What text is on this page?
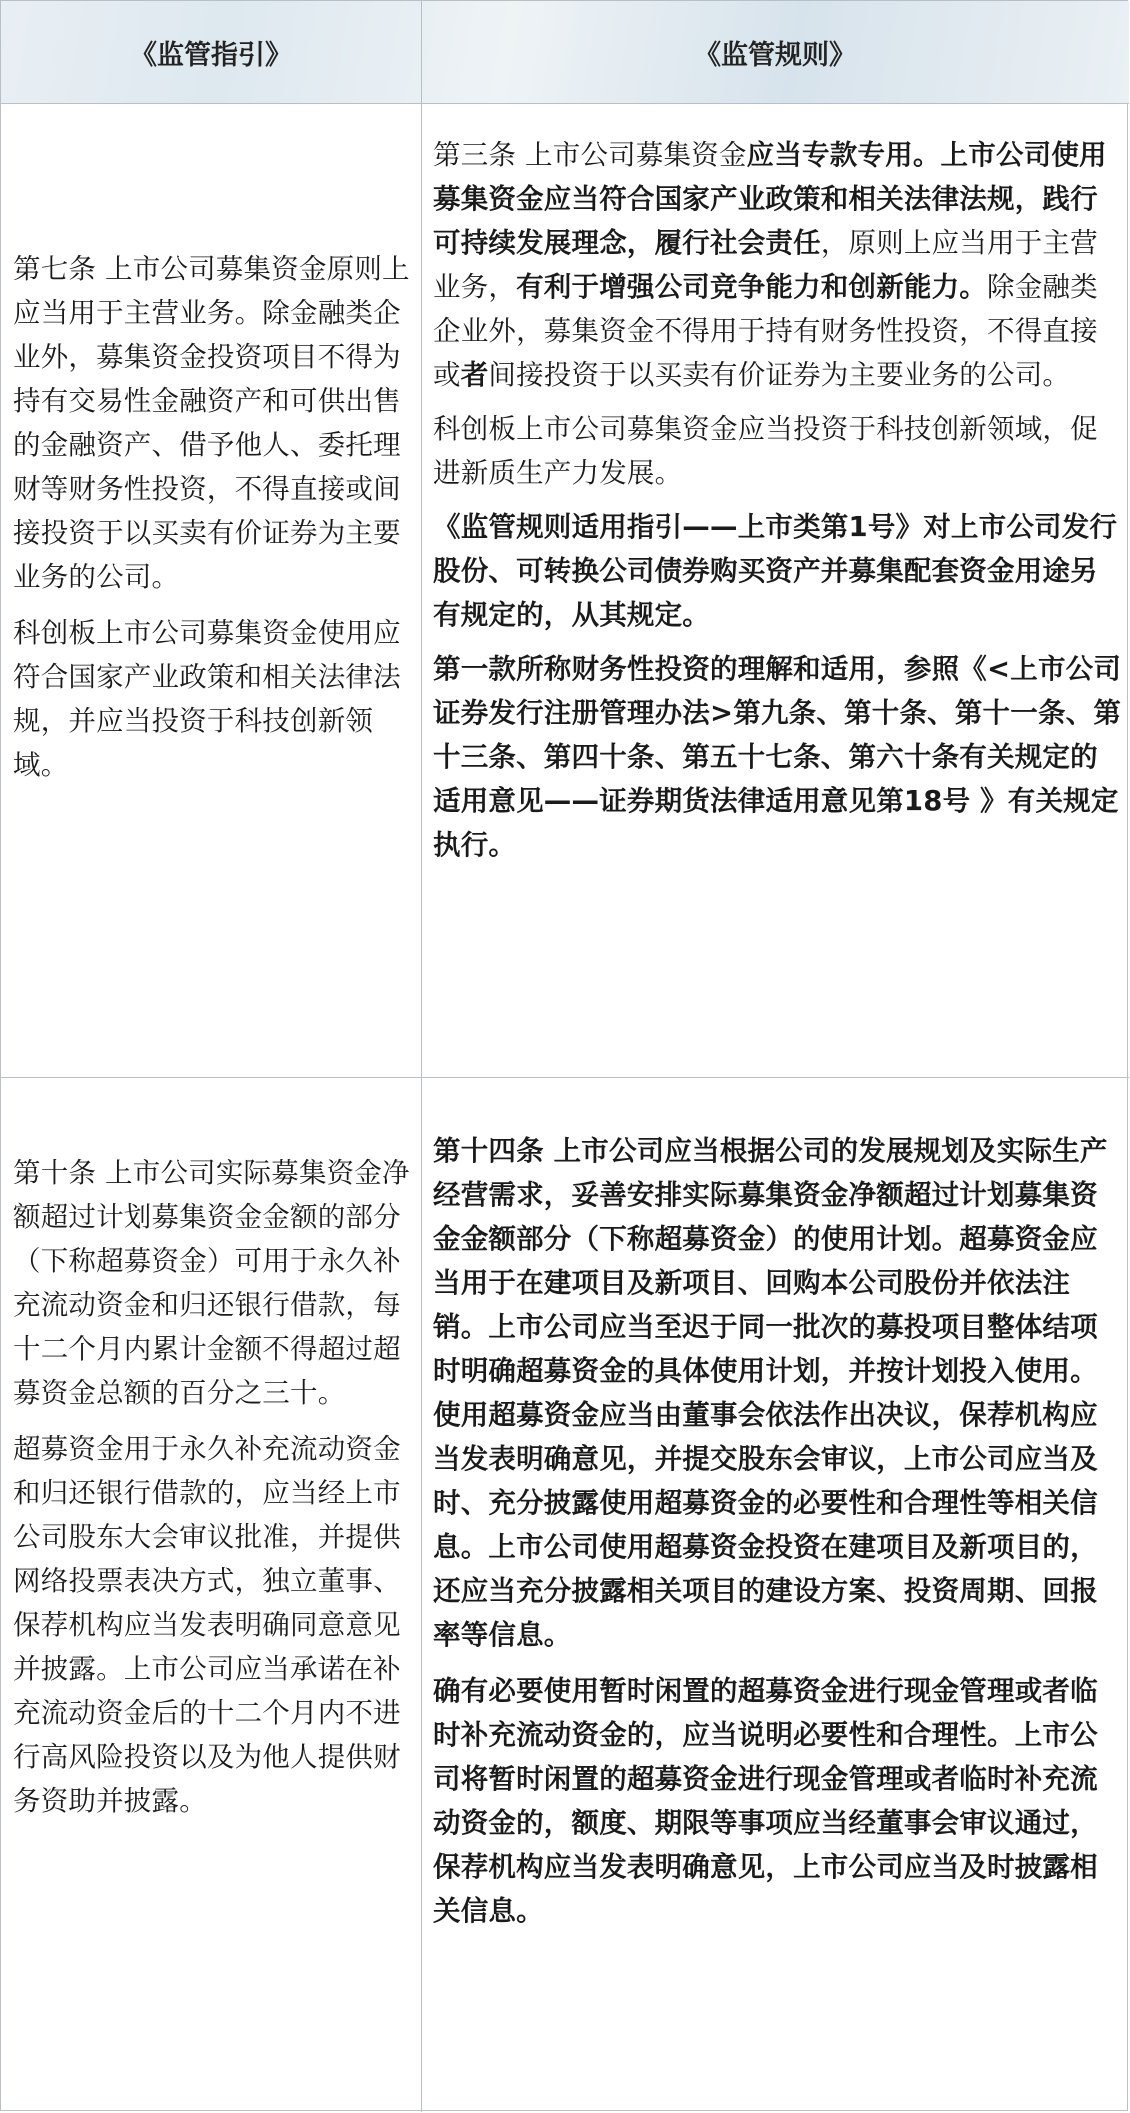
《监管指引》	《监管规则》

第七条 上市公司募集资金原则上应当用于主营业务。除金融类企业外，募集资金投资项目不得为持有交易性金融资产和可供出售的金融资产、借予他人、委托理财等财务性投资，不得直接或间接投资于以买卖有价证券为主要业务的公司。

科创板上市公司募集资金使用应符合国家产业政策和相关法律法规，并应当投资于科技创新领域。

第三条 上市公司募集资金应当专款专用。上市公司使用募集资金应当符合国家产业政策和相关法律法规，践行可持续发展理念，履行社会责任，原则上应当用于主营业务，有利于增强公司竞争能力和创新能力。除金融类企业外，募集资金不得用于持有财务性投资，不得直接或者间接投资于以买卖有价证券为主要业务的公司。

科创板上市公司募集资金应当投资于科技创新领域，促进新质生产力发展。

《监管规则适用指引——上市类第1号》对上市公司发行股份、可转换公司债券购买资产并募集配套资金用途另有规定的，从其规定。

第一款所称财务性投资的理解和适用，参照《<上市公司证券发行注册管理办法>第九条、第十条、第十一条、第十三条、第四十条、第五十七条、第六十条有关规定的适用意见——证券期货法律适用意见第18号 》有关规定执行。

第十条 上市公司实际募集资金净额超过计划募集资金金额的部分（下称超募资金）可用于永久补充流动资金和归还银行借款，每十二个月内累计金额不得超过超募资金总额的百分之三十。

超募资金用于永久补充流动资金和归还银行借款的，应当经上市公司股东大会审议批准，并提供网络投票表决方式，独立董事、保荐机构应当发表明确同意意见并披露。上市公司应当承诺在补充流动资金后的十二个月内不进行高风险投资以及为他人提供财务资助并披露。

第十四条 上市公司应当根据公司的发展规划及实际生产经营需求，妥善安排实际募集资金净额超过计划募集资金金额部分（下称超募资金）的使用计划。超募资金应当用于在建项目及新项目、回购本公司股份并依法注销。上市公司应当至迟于同一批次的募投项目整体结项时明确超募资金的具体使用计划，并按计划投入使用。使用超募资金应当由董事会依法作出决议，保荐机构应当发表明确意见，并提交股东会审议，上市公司应当及时、充分披露使用超募资金的必要性和合理性等相关信息。上市公司使用超募资金投资在建项目及新项目的，还应当充分披露相关项目的建设方案、投资周期、回报率等信息。

确有必要使用暂时闲置的超募资金进行现金管理或者临时补充流动资金的，应当说明必要性和合理性。上市公司将暂时闲置的超募资金进行现金管理或者临时补充流动资金的，额度、期限等事项应当经董事会审议通过，保荐机构应当发表明确意见，上市公司应当及时披露相关信息。
